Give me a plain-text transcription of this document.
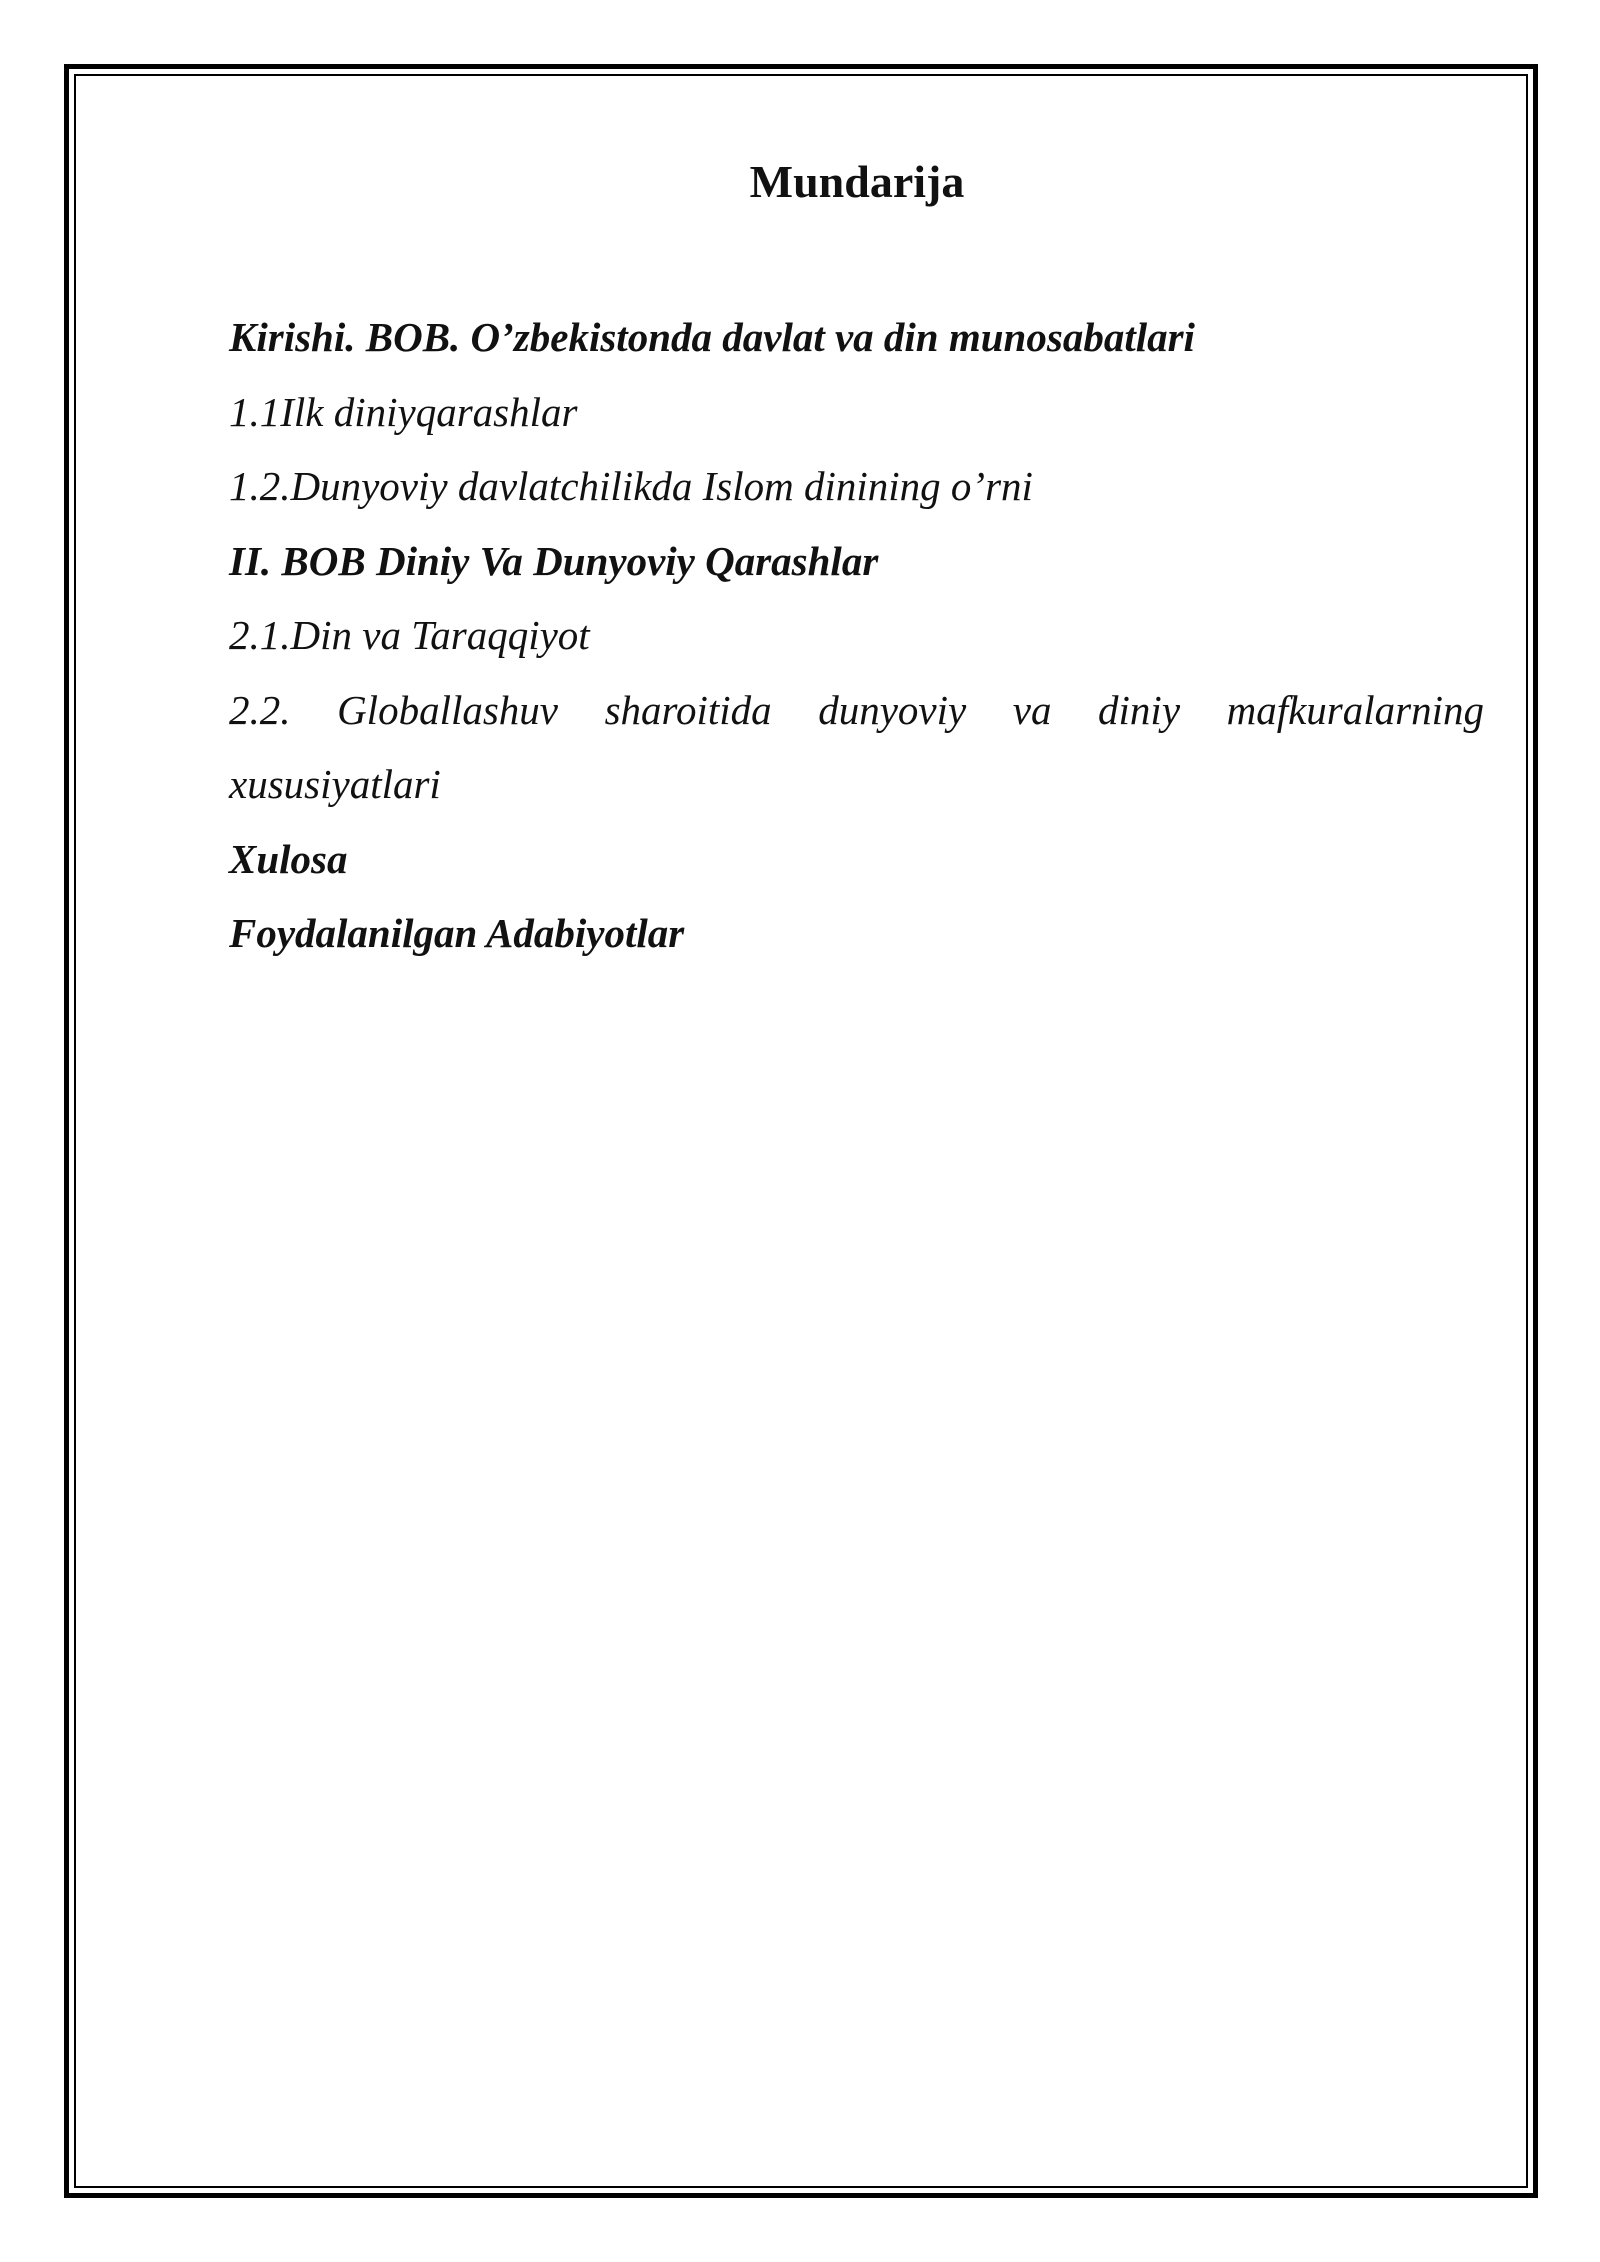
Mundarija
Kirishi. BOB. O’zbekistonda davlat va din munosabatlari
1.1Ilk diniyqarashlar
1.2.Dunyoviy davlatchilikda Islom dinining o’rni
II. BOB Diniy Va Dunyoviy Qarashlar
2.1.Din va Taraqqiyot
2.2. Globallashuv sharoitida dunyoviy va diniy mafkuralarning xususiyatlari
Xulosa
Foydalanilgan Adabiyotlar
